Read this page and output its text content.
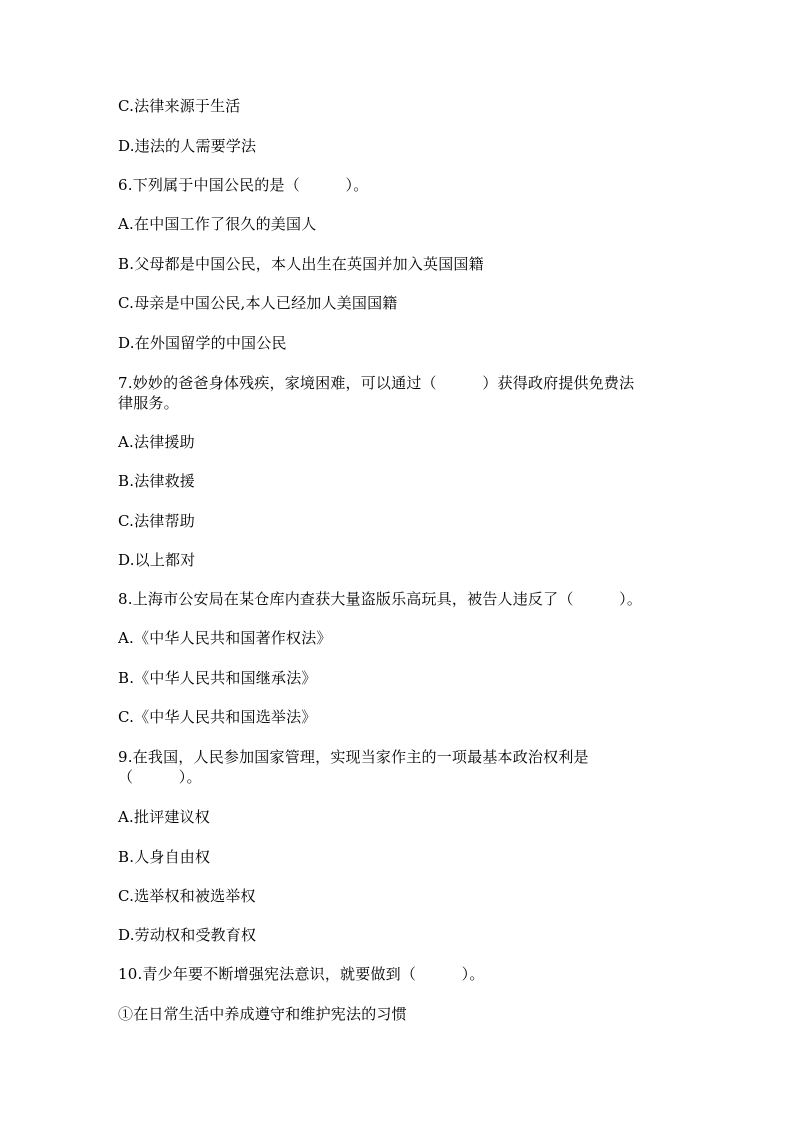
C.法律来源于生活
D.违法的人需要学法
6.下列属于中国公民的是（　　　）。
A.在中国工作了很久的美国人
B.父母都是中国公民，本人出生在英国并加入英国国籍
C.母亲是中国公民,本人已经加人美国国籍
D.在外国留学的中国公民
7.妙妙的爸爸身体残疾，家境困难，可以通过（　　　）获得政府提供免费法
律服务。
A.法律援助
B.法律救援
C.法律帮助
D.以上都对
8.上海市公安局在某仓库内查获大量盗版乐高玩具，被告人违反了（　　　）。
A.《中华人民共和国著作权法》
B.《中华人民共和国继承法》
C.《中华人民共和国选举法》
9.在我国，人民参加国家管理，实现当家作主的一项最基本政治权利是
（　　　）。
A.批评建议权
B.人身自由权
C.选举权和被选举权
D.劳动权和受教育权
10.青少年要不断增强宪法意识，就要做到（　　　）。
①在日常生活中养成遵守和维护宪法的习惯
